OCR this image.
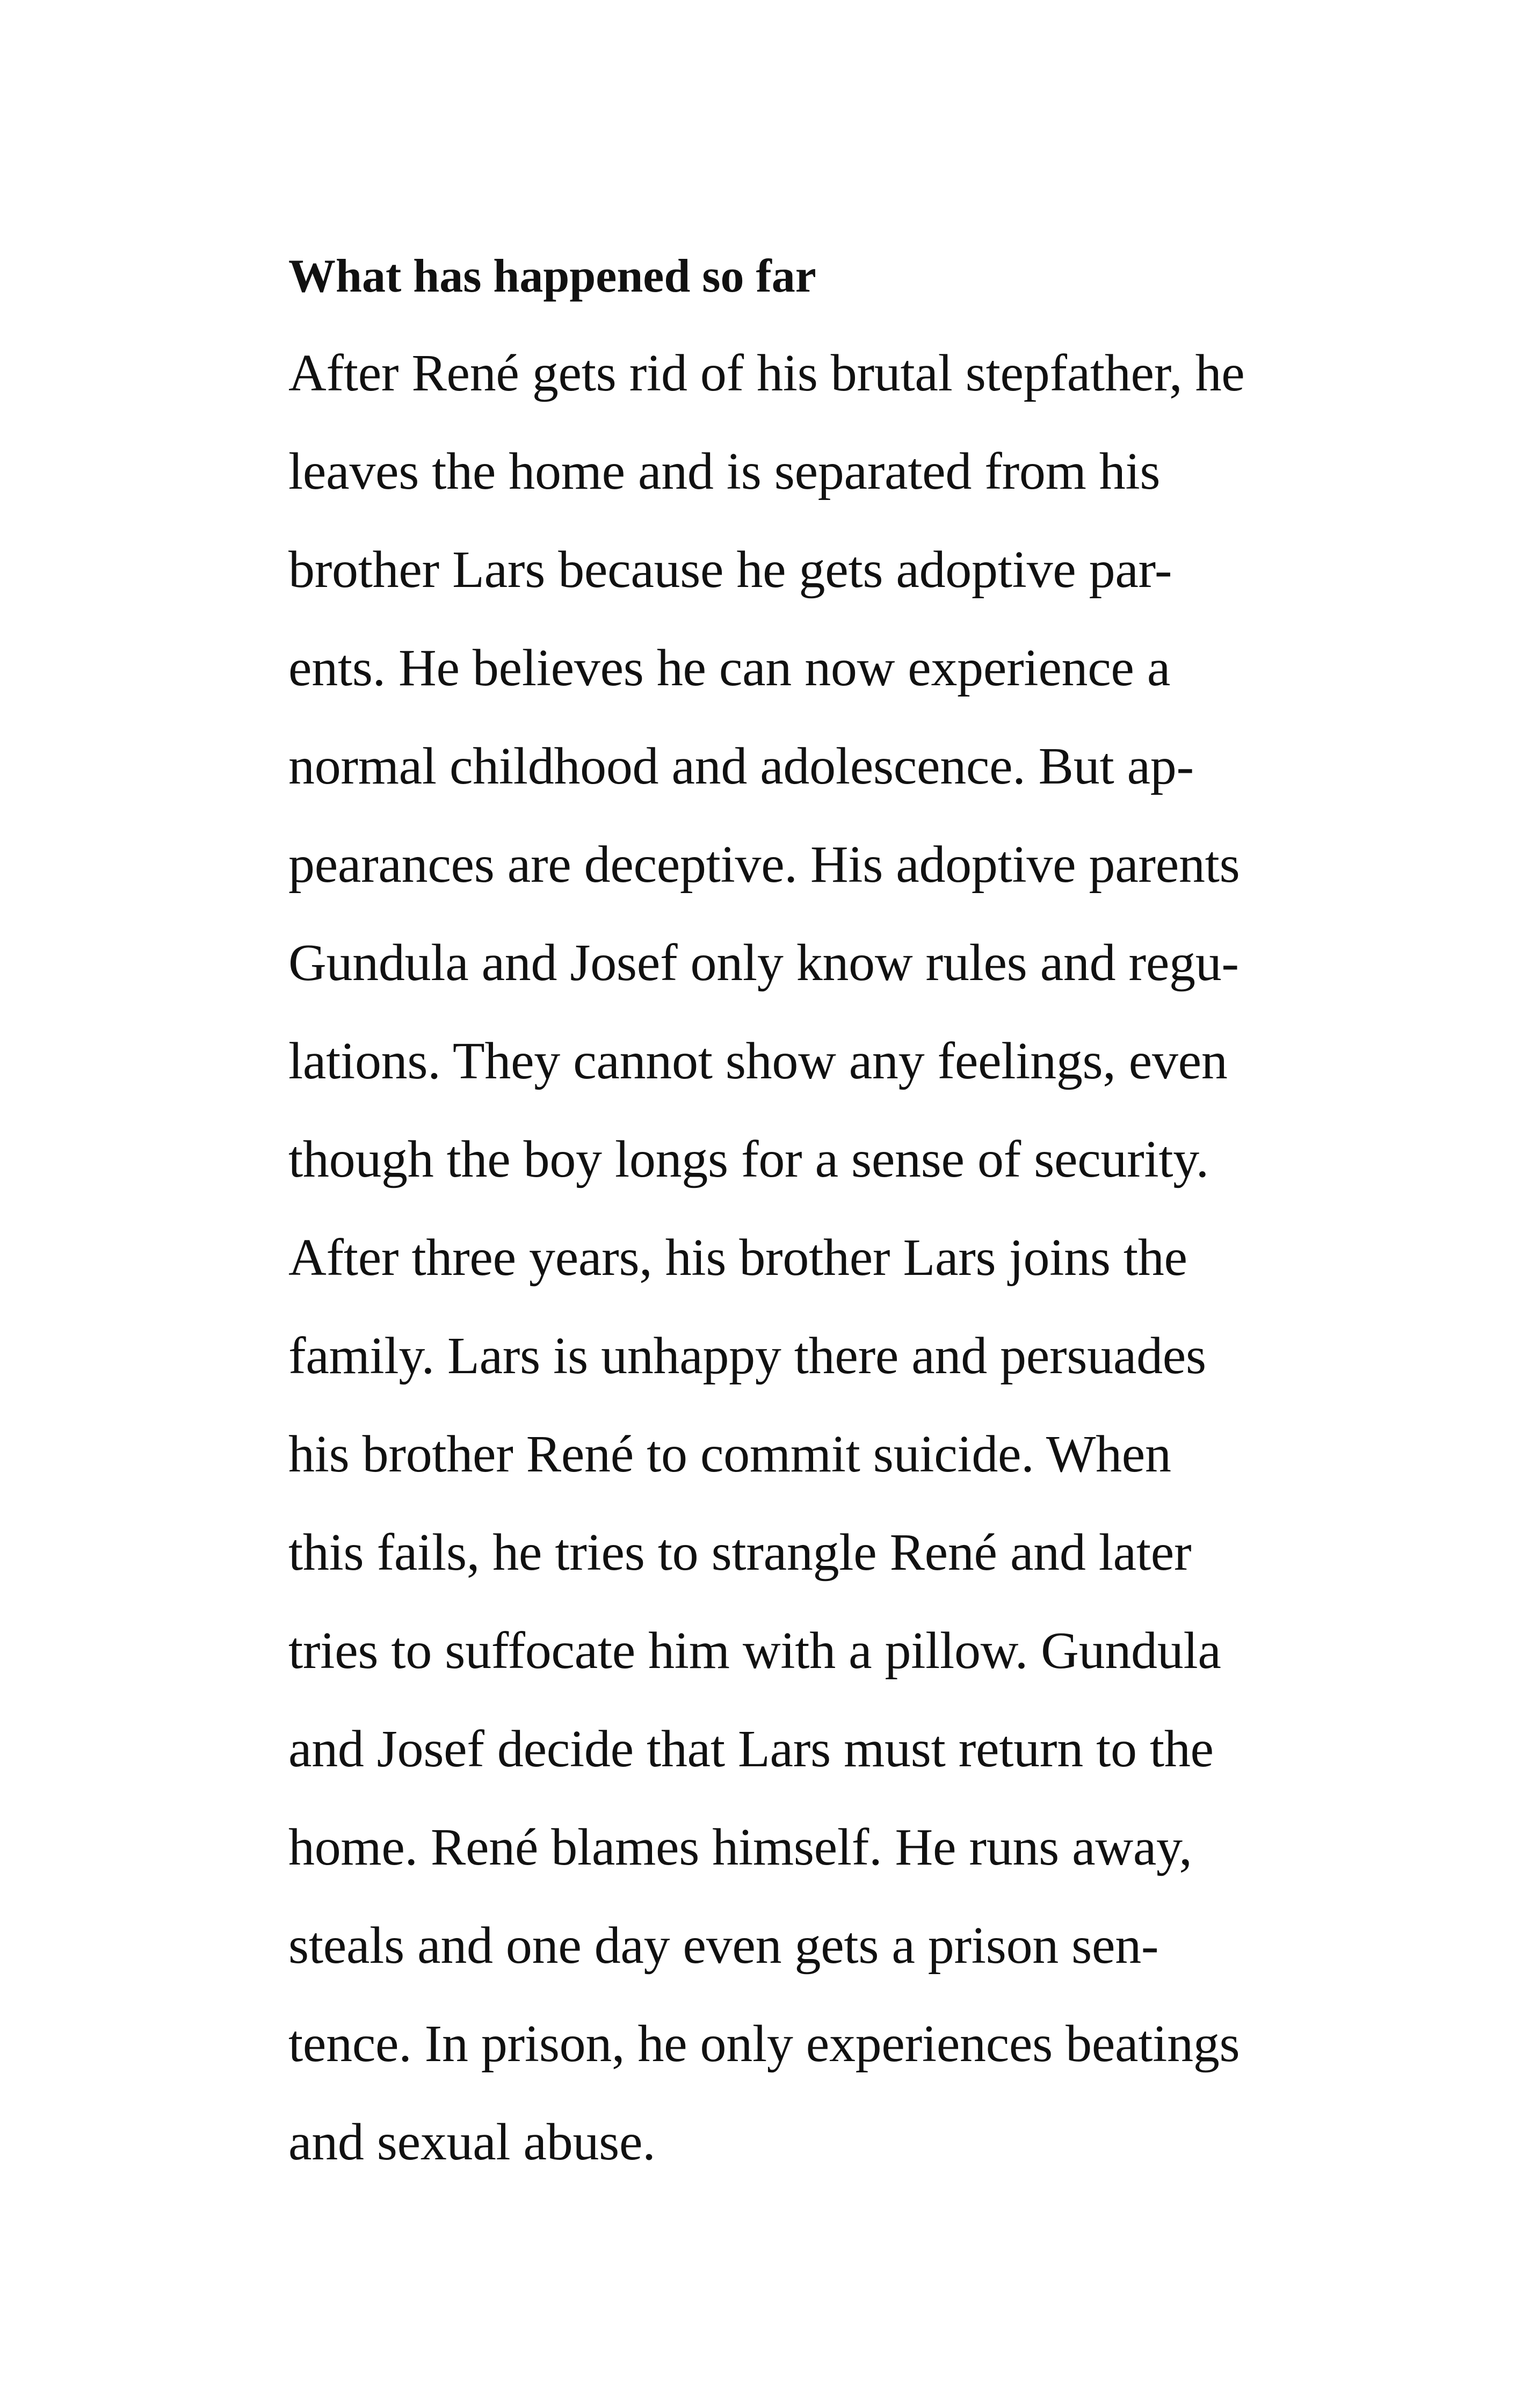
What has happened so far
After René gets rid of his brutal stepfather, he
leaves the home and is separated from his
brother Lars because he gets adoptive par-
ents. He believes he can now experience a
normal childhood and adolescence. But ap-
pearances are deceptive. His adoptive parents
Gundula and Josef only know rules and regu-
lations. They cannot show any feelings, even
though the boy longs for a sense of security.
After three years, his brother Lars joins the
family. Lars is unhappy there and persuades
his brother René to commit suicide. When
this fails, he tries to strangle René and later
tries to suffocate him with a pillow. Gundula
and Josef decide that Lars must return to the
home. René blames himself. He runs away,
steals and one day even gets a prison sen-
tence. In prison, he only experiences beatings
and sexual abuse.
